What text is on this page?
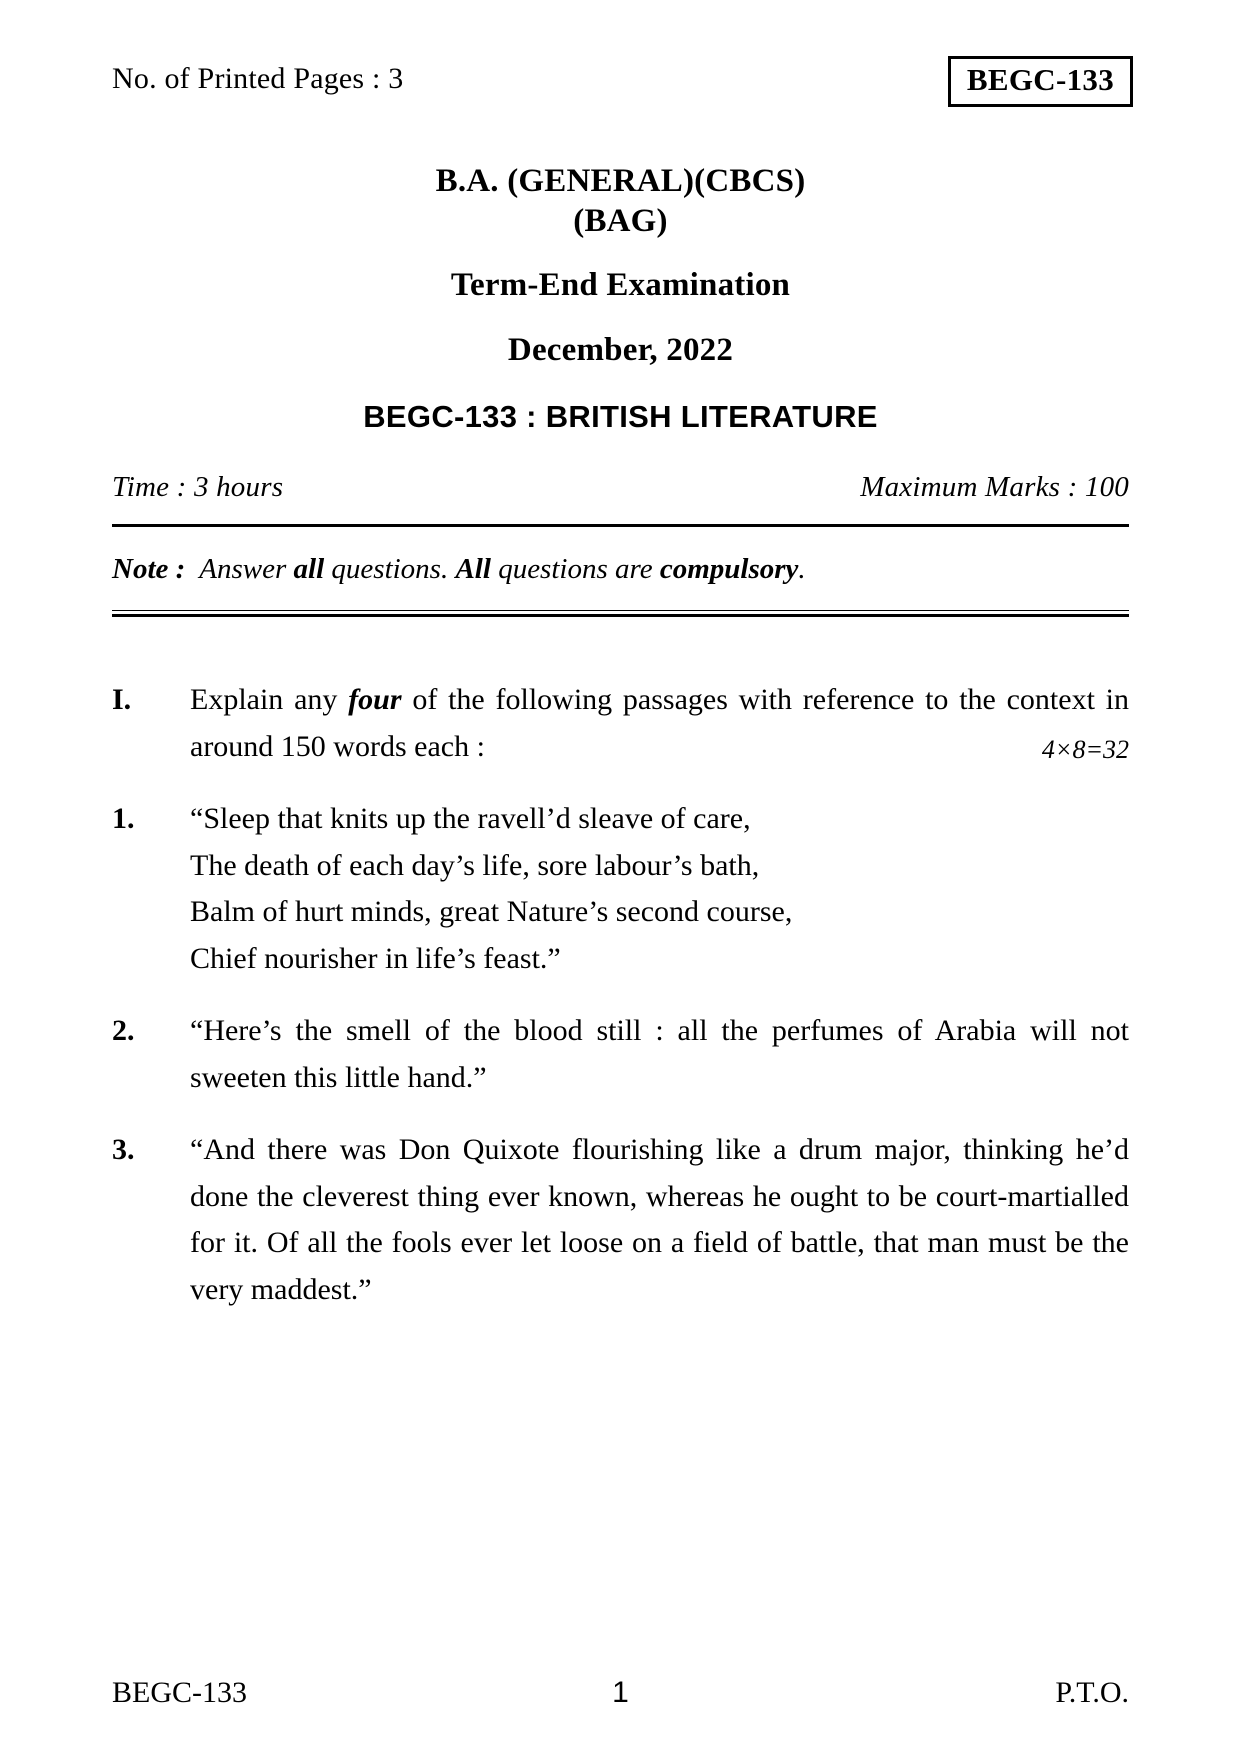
No. of Printed Pages : 3	BEGC-133
B.A. (GENERAL)(CBCS)
(BAG)
Term-End Examination
December, 2022
BEGC-133 : BRITISH LITERATURE
Time : 3 hours	Maximum Marks : 100
Note : Answer all questions. All questions are compulsory.
I.	Explain any four of the following passages with reference to the context in around 150 words each :	4×8=32
1.	“Sleep that knits up the ravell’d sleave of care,
The death of each day’s life, sore labour’s bath,
Balm of hurt minds, great Nature’s second course,
Chief nourisher in life’s feast.”
2.	“Here’s the smell of the blood still : all the perfumes of Arabia will not sweeten this little hand.”
3.	“And there was Don Quixote flourishing like a drum major, thinking he’d done the cleverest thing ever known, whereas he ought to be court-martialled for it. Of all the fools ever let loose on a field of battle, that man must be the very maddest.”
BEGC-133	1	P.T.O.
